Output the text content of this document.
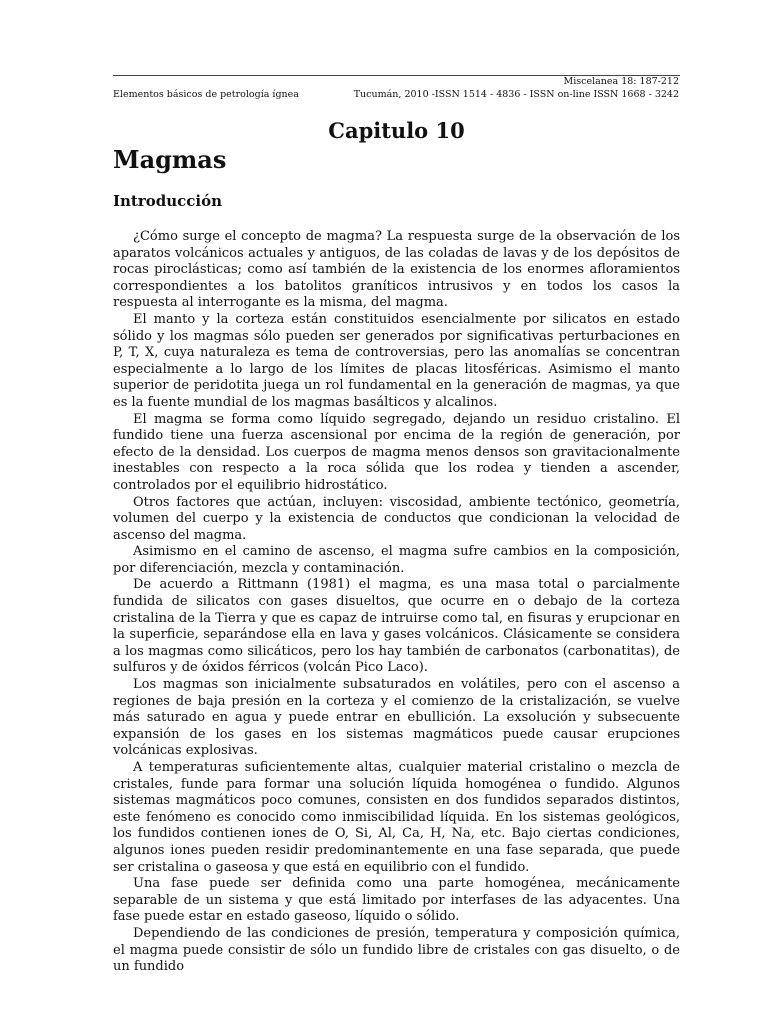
Miscelanea 18: 187-212
Elementos básicos de petrología ígnea	Tucumán, 2010 -ISSN 1514 - 4836 - ISSN on-line ISSN 1668 - 3242
Capitulo 10
Magmas
Introducción

¿Cómo surge el concepto de magma? La respuesta surge de la observación de los aparatos volcánicos actuales y antiguos, de las coladas de lavas y de los depósitos de rocas piroclásticas; como así también de la existencia de los enormes afloramientos correspondientes a los batolitos graníticos intrusivos y en todos los casos la respuesta al interrogante es la misma, del magma.

El manto y la corteza están constituidos esencialmente por silicatos en estado sólido y los magmas sólo pueden ser generados por significativas perturbaciones en P, T, X, cuya naturaleza es tema de controversias, pero las anomalías se concentran especialmente a lo largo de los límites de placas litosféricas. Asimismo el manto superior de peridotita juega un rol fundamental en la generación de magmas, ya que es la fuente mundial de los magmas basálticos y alcalinos.

El magma se forma como líquido segregado, dejando un residuo cristalino. El fundido tiene una fuerza ascensional por encima de la región de generación, por efecto de la densidad. Los cuerpos de magma menos densos son gravitacionalmente inestables con respecto a la roca sólida que los rodea y tienden a ascender, controlados por el equilibrio hidrostático.

Otros factores que actúan, incluyen: viscosidad, ambiente tectónico, geometría, volumen del cuerpo y la existencia de conductos que condicionan la velocidad de ascenso del magma.

Asimismo en el camino de ascenso, el magma sufre cambios en la composición, por diferenciación, mezcla y contaminación.

De acuerdo a Rittmann (1981) el magma, es una masa total o parcialmente fundida de silicatos con gases disueltos, que ocurre en o debajo de la corteza cristalina de la Tierra y que es capaz de intruirse como tal, en fisuras y erupcionar en la superficie, separándose ella en lava y gases volcánicos. Clásicamente se considera a los magmas como silicáticos, pero los hay también de carbonatos (carbonatitas), de sulfuros y de óxidos férricos (volcán Pico Laco).

Los magmas son inicialmente subsaturados en volátiles, pero con el ascenso a regiones de baja presión en la corteza y el comienzo de la cristalización, se vuelve más saturado en agua y puede entrar en ebullición. La exsolución y subsecuente expansión de los gases en los sistemas magmáticos puede causar erupciones volcánicas explosivas.

A temperaturas suficientemente altas, cualquier material cristalino o mezcla de cristales, funde para formar una solución líquida homogénea o fundido. Algunos sistemas magmáticos poco comunes, consisten en dos fundidos separados distintos, este fenómeno es conocido como inmiscibilidad líquida. En los sistemas geológicos, los fundidos contienen iones de O, Si, Al, Ca, H, Na, etc. Bajo ciertas condiciones, algunos iones pueden residir predominantemente en una fase separada, que puede ser cristalina o gaseosa y que está en equilibrio con el fundido.

Una fase puede ser definida como una parte homogénea, mecánicamente separable de un sistema y que está limitado por interfases de las adyacentes. Una fase puede estar en estado gaseoso, líquido o sólido.

Dependiendo de las condiciones de presión, temperatura y composición química, el magma puede consistir de sólo un fundido libre de cristales con gas disuelto, o de un fundido
